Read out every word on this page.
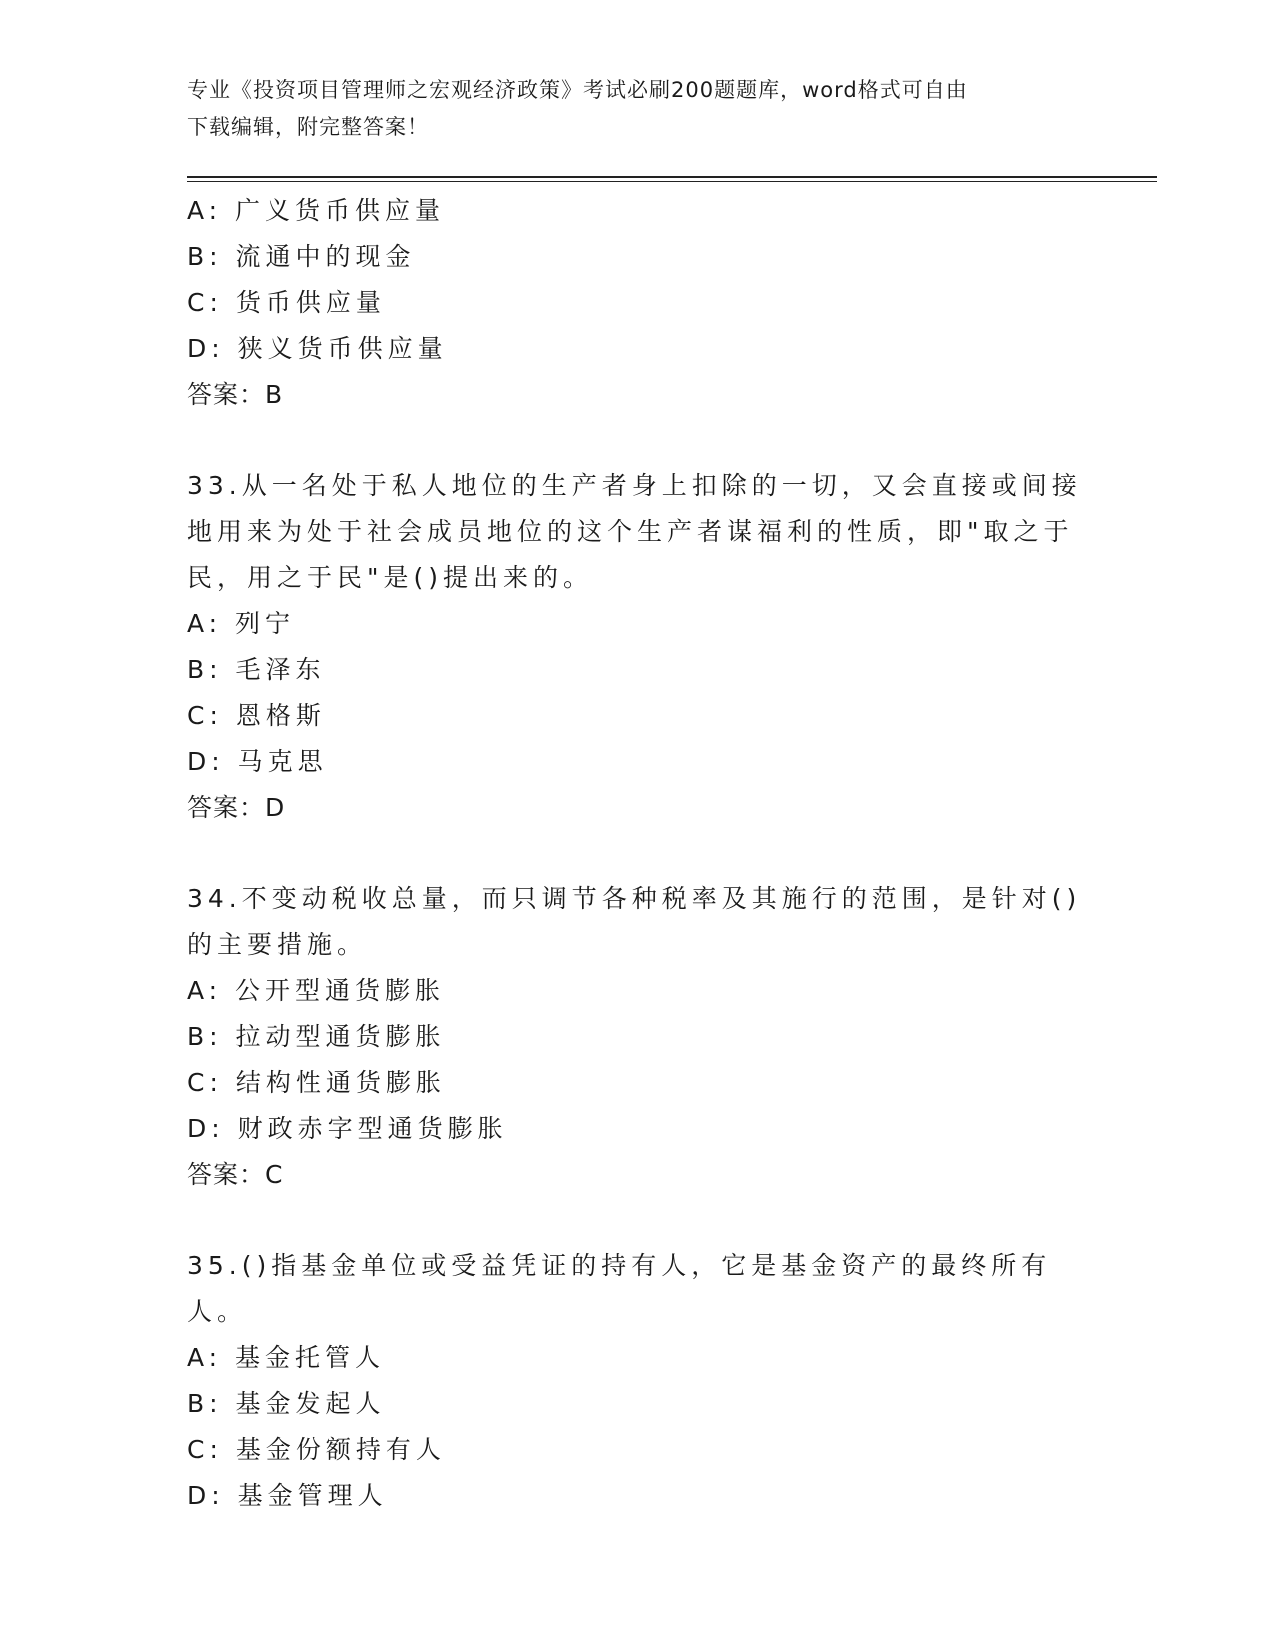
专业《投资项目管理师之宏观经济政策》考试必刷200题题库，word格式可自由
下载编辑，附完整答案！
A: 广义货币供应量
B: 流通中的现金
C: 货币供应量
D: 狭义货币供应量
答案：B
33.从一名处于私人地位的生产者身上扣除的一切，又会直接或间接地用来为处于社会成员地位的这个生产者谋福利的性质，即"取之于民，用之于民"是()提出来的。
A: 列宁
B: 毛泽东
C: 恩格斯
D: 马克思
答案：D
34.不变动税收总量，而只调节各种税率及其施行的范围，是针对()的主要措施。
A: 公开型通货膨胀
B: 拉动型通货膨胀
C: 结构性通货膨胀
D: 财政赤字型通货膨胀
答案：C
35.()指基金单位或受益凭证的持有人，它是基金资产的最终所有人。
A: 基金托管人
B: 基金发起人
C: 基金份额持有人
D: 基金管理人
